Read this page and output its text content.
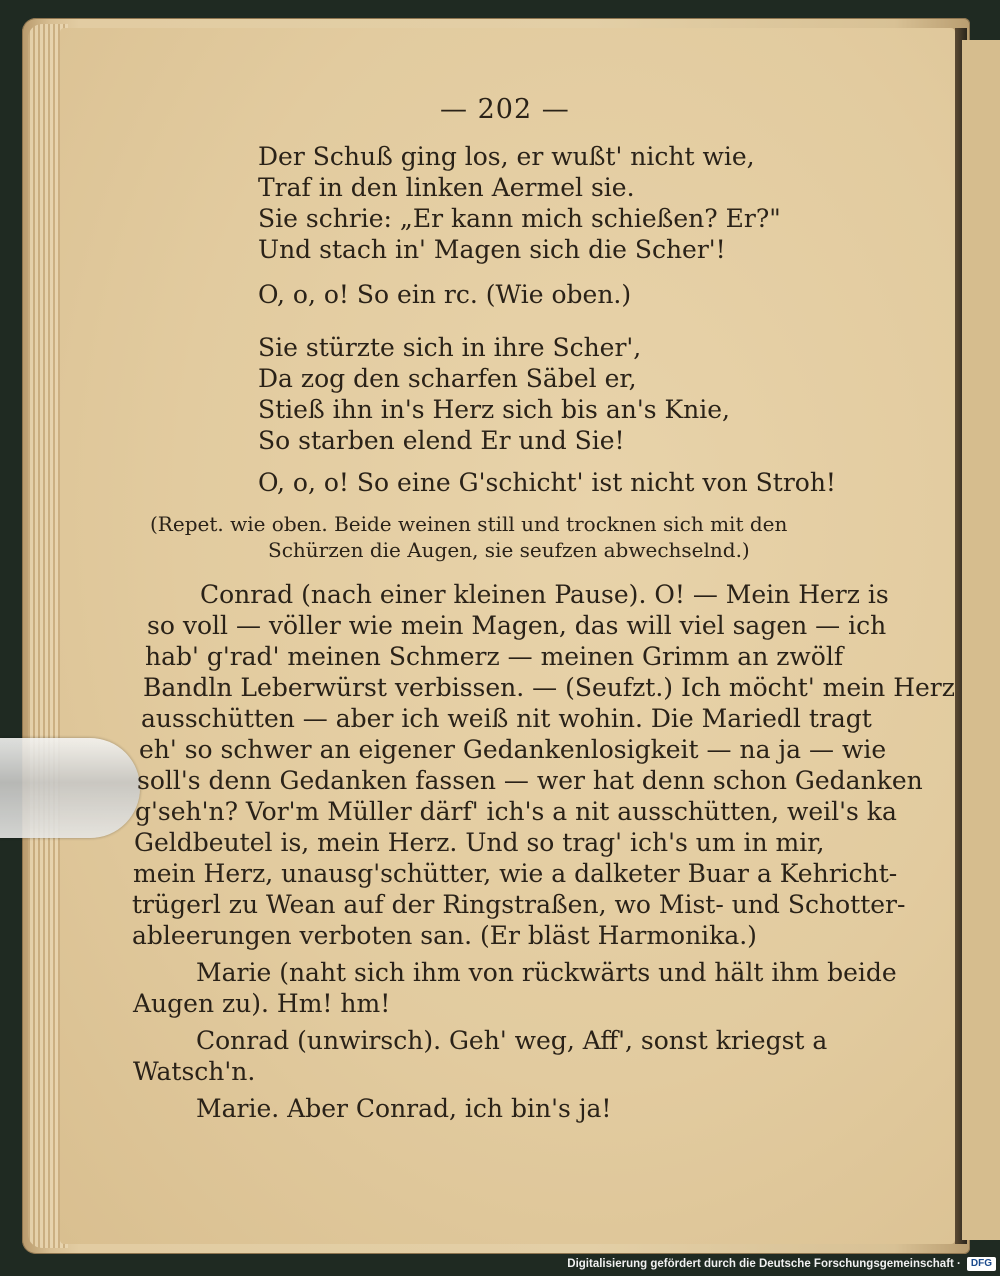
— 202 —
Der Schuß ging los, er wußt' nicht wie,
Traf in den linken Aermel sie.
Sie schrie: „Er kann mich schießen? Er?"
Und stach in' Magen sich die Scher'!
O, o, o! So ein rc. (Wie oben.)
Sie stürzte sich in ihre Scher',
Da zog den scharfen Säbel er,
Stieß ihn in's Herz sich bis an's Knie,
So starben elend Er und Sie!
O, o, o! So eine G'schicht' ist nicht von Stroh!
(Repet. wie oben. Beide weinen still und trocknen sich mit den
Schürzen die Augen, sie seufzen abwechselnd.)
Conrad (nach einer kleinen Pause). O! — Mein Herz is
so voll — völler wie mein Magen, das will viel sagen — ich
hab' g'rad' meinen Schmerz — meinen Grimm an zwölf
Bandln Leberwürst verbissen. — (Seufzt.) Ich möcht' mein Herz
ausschütten — aber ich weiß nit wohin. Die Mariedl tragt
eh' so schwer an eigener Gedankenlosigkeit — na ja — wie
soll's denn Gedanken fassen — wer hat denn schon Gedanken
g'seh'n? Vor'm Müller därf' ich's a nit ausschütten, weil's ka
Geldbeutel is, mein Herz. Und so trag' ich's um in mir,
mein Herz, unausg'schütter, wie a dalketer Buar a Kehricht-
trügerl zu Wean auf der Ringstraßen, wo Mist- und Schotter-
ableerungen verboten san. (Er bläst Harmonika.)
Marie (naht sich ihm von rückwärts und hält ihm beide
Augen zu). Hm! hm!
Conrad (unwirsch). Geh' weg, Aff', sonst kriegst a
Watsch'n.
Marie. Aber Conrad, ich bin's ja!
Digitalisierung gefördert durch die Deutsche Forschungsgemeinschaft ·	DFG
